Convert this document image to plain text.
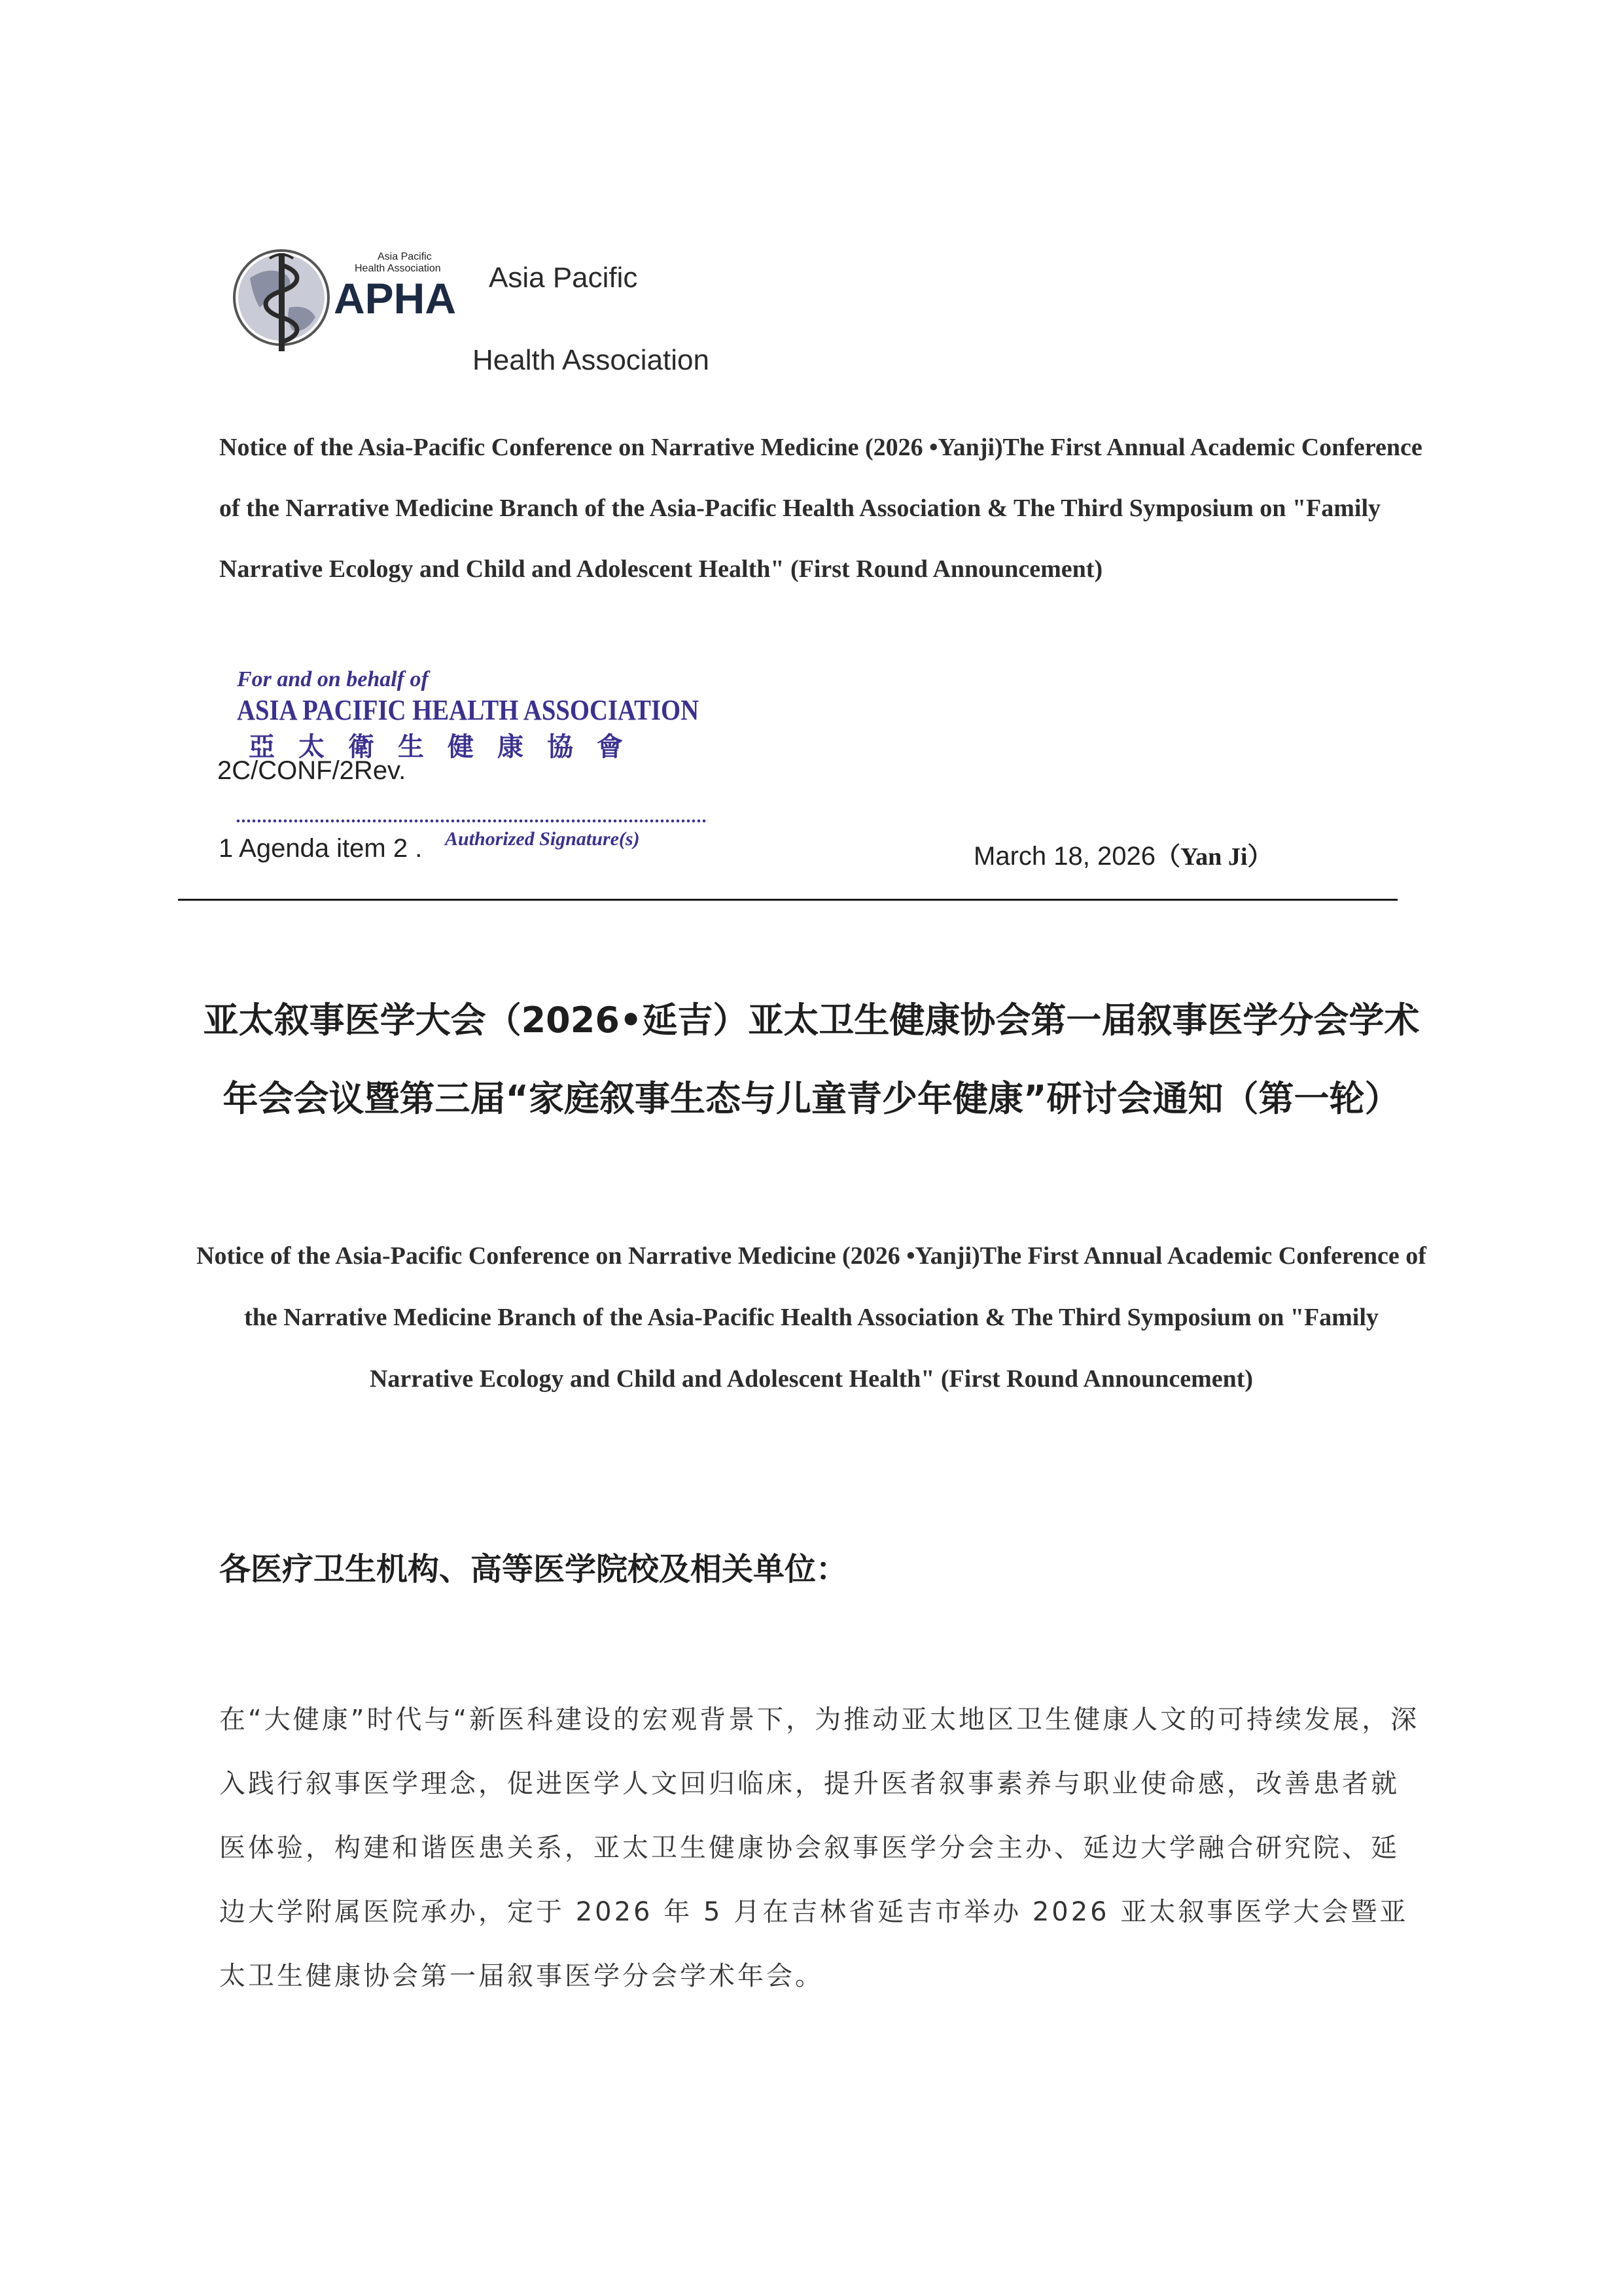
APHA
Asia Pacific
Health Association Asia Pacific
Health Association
Notice of the Asia-Pacific Conference on Narrative Medicine (2026 •Yanji)The First Annual Academic Conference of the Narrative Medicine Branch of the Asia-Pacific Health Association & The Third Symposium on "Family Narrative Ecology and Child and Adolescent Health" (First Round Announcement)
For and on behalf of
ASIA PACIFIC HEALTH ASSOCIATION
亞太衛生健康協會
2C/CONF/2Rev.
1 Agenda item 2 . Authorized Signature(s)
March 18, 2026（Yan Ji）
亚太叙事医学大会（2026•延吉）亚太卫生健康协会第一届叙事医学分会学术年会会议暨第三届“家庭叙事生态与儿童青少年健康”研讨会通知（第一轮）
Notice of the Asia-Pacific Conference on Narrative Medicine (2026 •Yanji)The First Annual Academic Conference of the Narrative Medicine Branch of the Asia-Pacific Health Association & The Third Symposium on "Family Narrative Ecology and Child and Adolescent Health" (First Round Announcement)
各医疗卫生机构、高等医学院校及相关单位：
在“大健康”时代与“新医科建设的宏观背景下，为推动亚太地区卫生健康人文的可持续发展，深入践行叙事医学理念，促进医学人文回归临床，提升医者叙事素养与职业使命感，改善患者就医体验，构建和谐医患关系，亚太卫生健康协会叙事医学分会主办、延边大学融合研究院、延边大学附属医院承办，定于 2026 年 5 月在吉林省延吉市举办 2026 亚太叙事医学大会暨亚太卫生健康协会第一届叙事医学分会学术年会。
